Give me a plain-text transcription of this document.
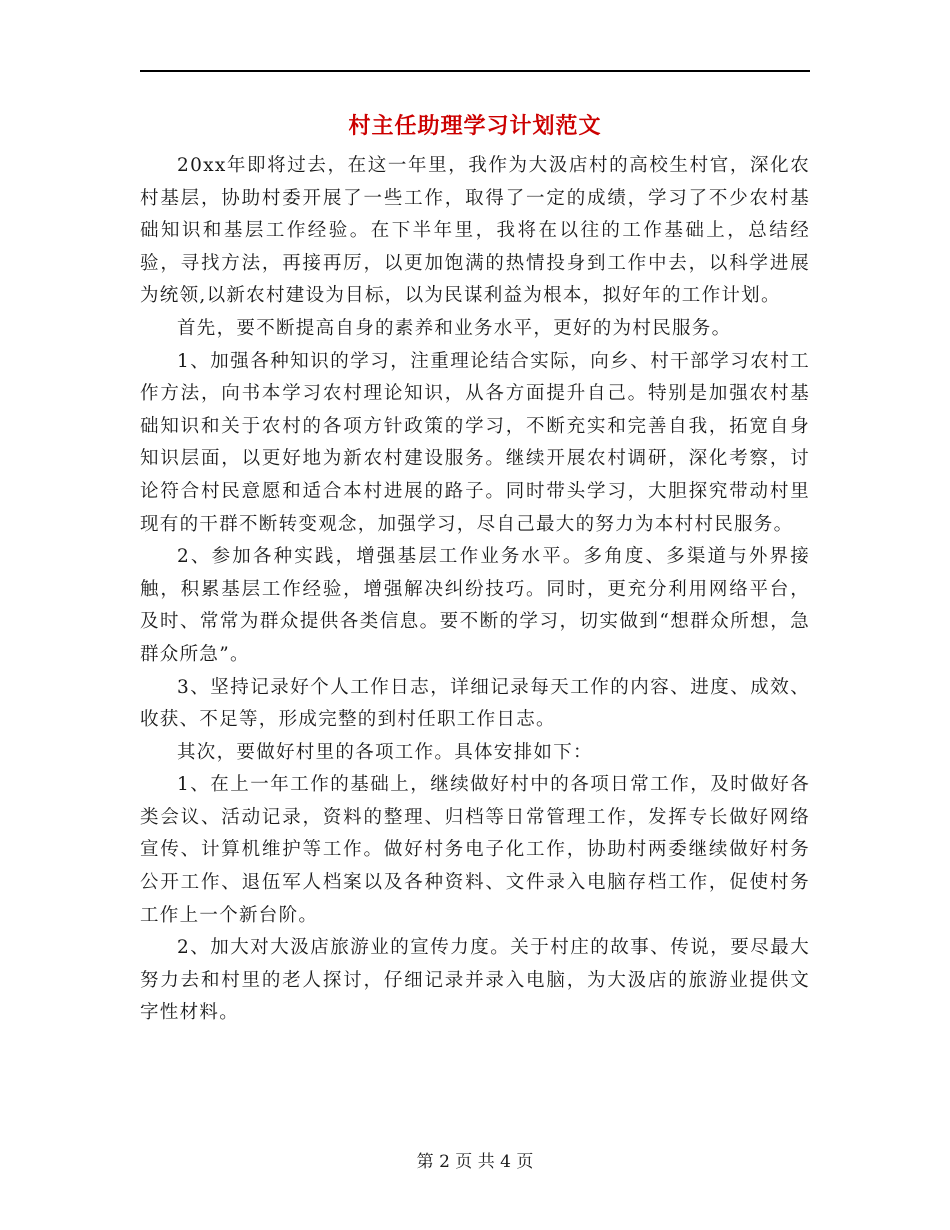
村主任助理学习计划范文

20xx年即将过去，在这一年里，我作为大汲店村的高校生村官，深化农村基层，协助村委开展了一些工作，取得了一定的成绩，学习了不少农村基础知识和基层工作经验。在下半年里，我将在以往的工作基础上，总结经验，寻找方法，再接再厉，以更加饱满的热情投身到工作中去，以科学进展为统领,以新农村建设为目标，以为民谋利益为根本，拟好年的工作计划。

首先，要不断提高自身的素养和业务水平，更好的为村民服务。

1、加强各种知识的学习，注重理论结合实际，向乡、村干部学习农村工作方法，向书本学习农村理论知识，从各方面提升自己。特别是加强农村基础知识和关于农村的各项方针政策的学习，不断充实和完善自我，拓宽自身知识层面，以更好地为新农村建设服务。继续开展农村调研，深化考察，讨论符合村民意愿和适合本村进展的路子。同时带头学习，大胆探究带动村里现有的干群不断转变观念，加强学习，尽自己最大的努力为本村村民服务。

2、参加各种实践，增强基层工作业务水平。多角度、多渠道与外界接触，积累基层工作经验，增强解决纠纷技巧。同时，更充分利用网络平台，及时、常常为群众提供各类信息。要不断的学习，切实做到“想群众所想，急群众所急”。

3、坚持记录好个人工作日志，详细记录每天工作的内容、进度、成效、收获、不足等，形成完整的到村任职工作日志。

其次，要做好村里的各项工作。具体安排如下：

1、在上一年工作的基础上，继续做好村中的各项日常工作，及时做好各类会议、活动记录，资料的整理、归档等日常管理工作，发挥专长做好网络宣传、计算机维护等工作。做好村务电子化工作，协助村两委继续做好村务公开工作、退伍军人档案以及各种资料、文件录入电脑存档工作，促使村务工作上一个新台阶。

2、加大对大汲店旅游业的宣传力度。关于村庄的故事、传说，要尽最大努力去和村里的老人探讨，仔细记录并录入电脑，为大汲店的旅游业提供文字性材料。

第 2 页 共 4 页
